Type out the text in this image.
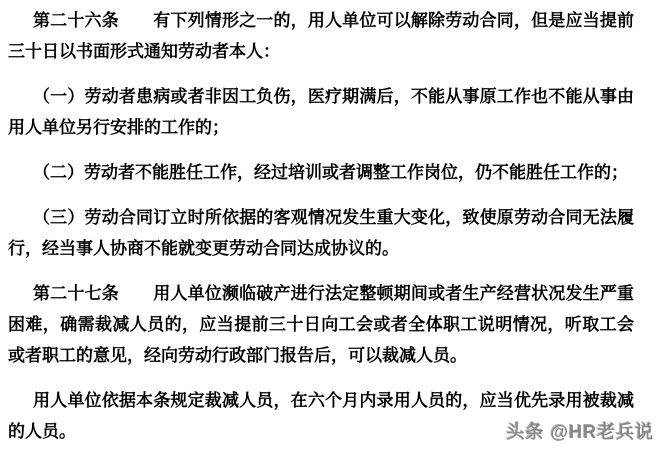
第二十六条　　有下列情形之一的，用人单位可以解除劳动合同，但是应当提前三十日以书面形式通知劳动者本人：

（一）劳动者患病或者非因工负伤，医疗期满后，不能从事原工作也不能从事由用人单位另行安排的工作的；

（二）劳动者不能胜任工作，经过培训或者调整工作岗位，仍不能胜任工作的；

（三）劳动合同订立时所依据的客观情况发生重大变化，致使原劳动合同无法履行，经当事人协商不能就变更劳动合同达成协议的。

第二十七条　　用人单位濒临破产进行法定整顿期间或者生产经营状况发生严重困难，确需裁减人员的，应当提前三十日向工会或者全体职工说明情况，听取工会或者职工的意见，经向劳动行政部门报告后，可以裁减人员。

用人单位依据本条规定裁减人员，在六个月内录用人员的，应当优先录用被裁减的人员。	头条 @HR老兵说
